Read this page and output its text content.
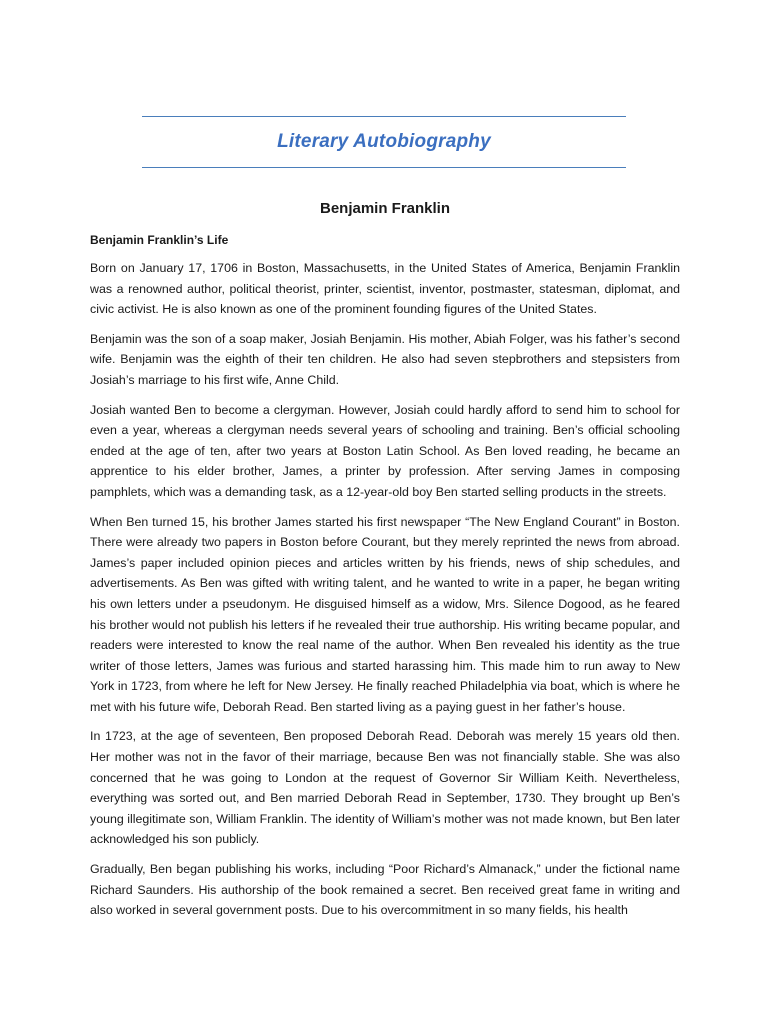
Literary Autobiography
Benjamin Franklin
Benjamin Franklin’s Life

Born on January 17, 1706 in Boston, Massachusetts, in the United States of America, Benjamin Franklin was a renowned author, political theorist, printer, scientist, inventor, postmaster, statesman, diplomat, and civic activist. He is also known as one of the prominent founding figures of the United States.

Benjamin was the son of a soap maker, Josiah Benjamin. His mother, Abiah Folger, was his father’s second wife. Benjamin was the eighth of their ten children. He also had seven stepbrothers and stepsisters from Josiah’s marriage to his first wife, Anne Child.

Josiah wanted Ben to become a clergyman. However, Josiah could hardly afford to send him to school for even a year, whereas a clergyman needs several years of schooling and training. Ben’s official schooling ended at the age of ten, after two years at Boston Latin School. As Ben loved reading, he became an apprentice to his elder brother, James, a printer by profession. After serving James in composing pamphlets, which was a demanding task, as a 12-year-old boy Ben started selling products in the streets.

When Ben turned 15, his brother James started his first newspaper “The New England Courant” in Boston. There were already two papers in Boston before Courant, but they merely reprinted the news from abroad. James’s paper included opinion pieces and articles written by his friends, news of ship schedules, and advertisements. As Ben was gifted with writing talent, and he wanted to write in a paper, he began writing his own letters under a pseudonym. He disguised himself as a widow, Mrs. Silence Dogood, as he feared his brother would not publish his letters if he revealed their true authorship. His writing became popular, and readers were interested to know the real name of the author. When Ben revealed his identity as the true writer of those letters, James was furious and started harassing him. This made him to run away to New York in 1723, from where he left for New Jersey. He finally reached Philadelphia via boat, which is where he met with his future wife, Deborah Read. Ben started living as a paying guest in her father’s house.

In 1723, at the age of seventeen, Ben proposed Deborah Read. Deborah was merely 15 years old then. Her mother was not in the favor of their marriage, because Ben was not financially stable. She was also concerned that he was going to London at the request of Governor Sir William Keith. Nevertheless, everything was sorted out, and Ben married Deborah Read in September, 1730. They brought up Ben’s young illegitimate son, William Franklin. The identity of William’s mother was not made known, but Ben later acknowledged his son publicly.

Gradually, Ben began publishing his works, including “Poor Richard’s Almanack,” under the fictional name Richard Saunders. His authorship of the book remained a secret. Ben received great fame in writing and also worked in several government posts. Due to his overcommitment in so many fields, his health
